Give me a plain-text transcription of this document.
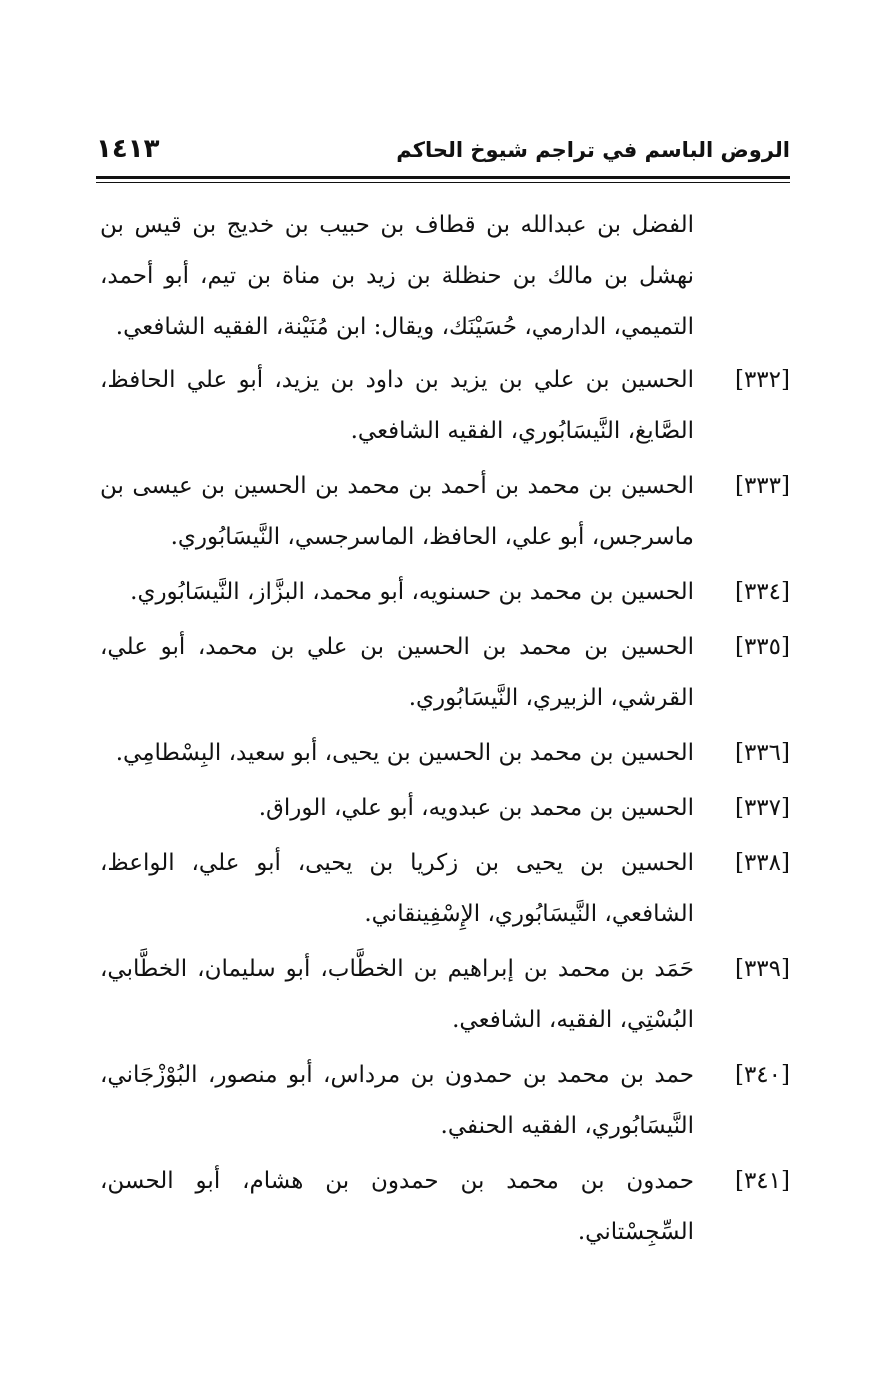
الروض الباسم في تراجم شيوخ الحاكم
١٤١٣
الفضل بن عبدالله بن قطاف بن حبيب بن خديج بن قيس بن نهشل بن مالك بن حنظلة بن زيد بن مناة بن تيم، أبو أحمد، التميمي، الدارمي، حُسَيْنَك، ويقال: ابن مُنَيْنة، الفقيه الشافعي.
[٣٣٢]
الحسين بن علي بن يزيد بن داود بن يزيد، أبو علي الحافظ، الصَّايغ، النَّيسَابُوري، الفقيه الشافعي.
[٣٣٣]
الحسين بن محمد بن أحمد بن محمد بن الحسين بن عيسى بن ماسرجس، أبو علي، الحافظ، الماسرجسي، النَّيسَابُوري.
[٣٣٤]
الحسين بن محمد بن حسنويه، أبو محمد، البزَّاز، النَّيسَابُوري.
[٣٣٥]
الحسين بن محمد بن الحسين بن علي بن محمد، أبو علي، القرشي، الزبيري، النَّيسَابُوري.
[٣٣٦]
الحسين بن محمد بن الحسين بن يحيى، أبو سعيد، البِسْطامِي.
[٣٣٧]
الحسين بن محمد بن عبدويه، أبو علي، الوراق.
[٣٣٨]
الحسين بن يحيى بن زكريا بن يحيى، أبو علي، الواعظ، الشافعي، النَّيسَابُوري، الإِسْفِينقاني.
[٣٣٩]
حَمَد بن محمد بن إبراهيم بن الخطَّاب، أبو سليمان، الخطَّابي، البُسْتِي، الفقيه، الشافعي.
[٣٤٠]
حمد بن محمد بن حمدون بن مرداس، أبو منصور، البُوْزْجَاني، النَّيسَابُوري، الفقيه الحنفي.
[٣٤١]
حمدون بن محمد بن حمدون بن هشام، أبو الحسن، السِّجِسْتاني.
